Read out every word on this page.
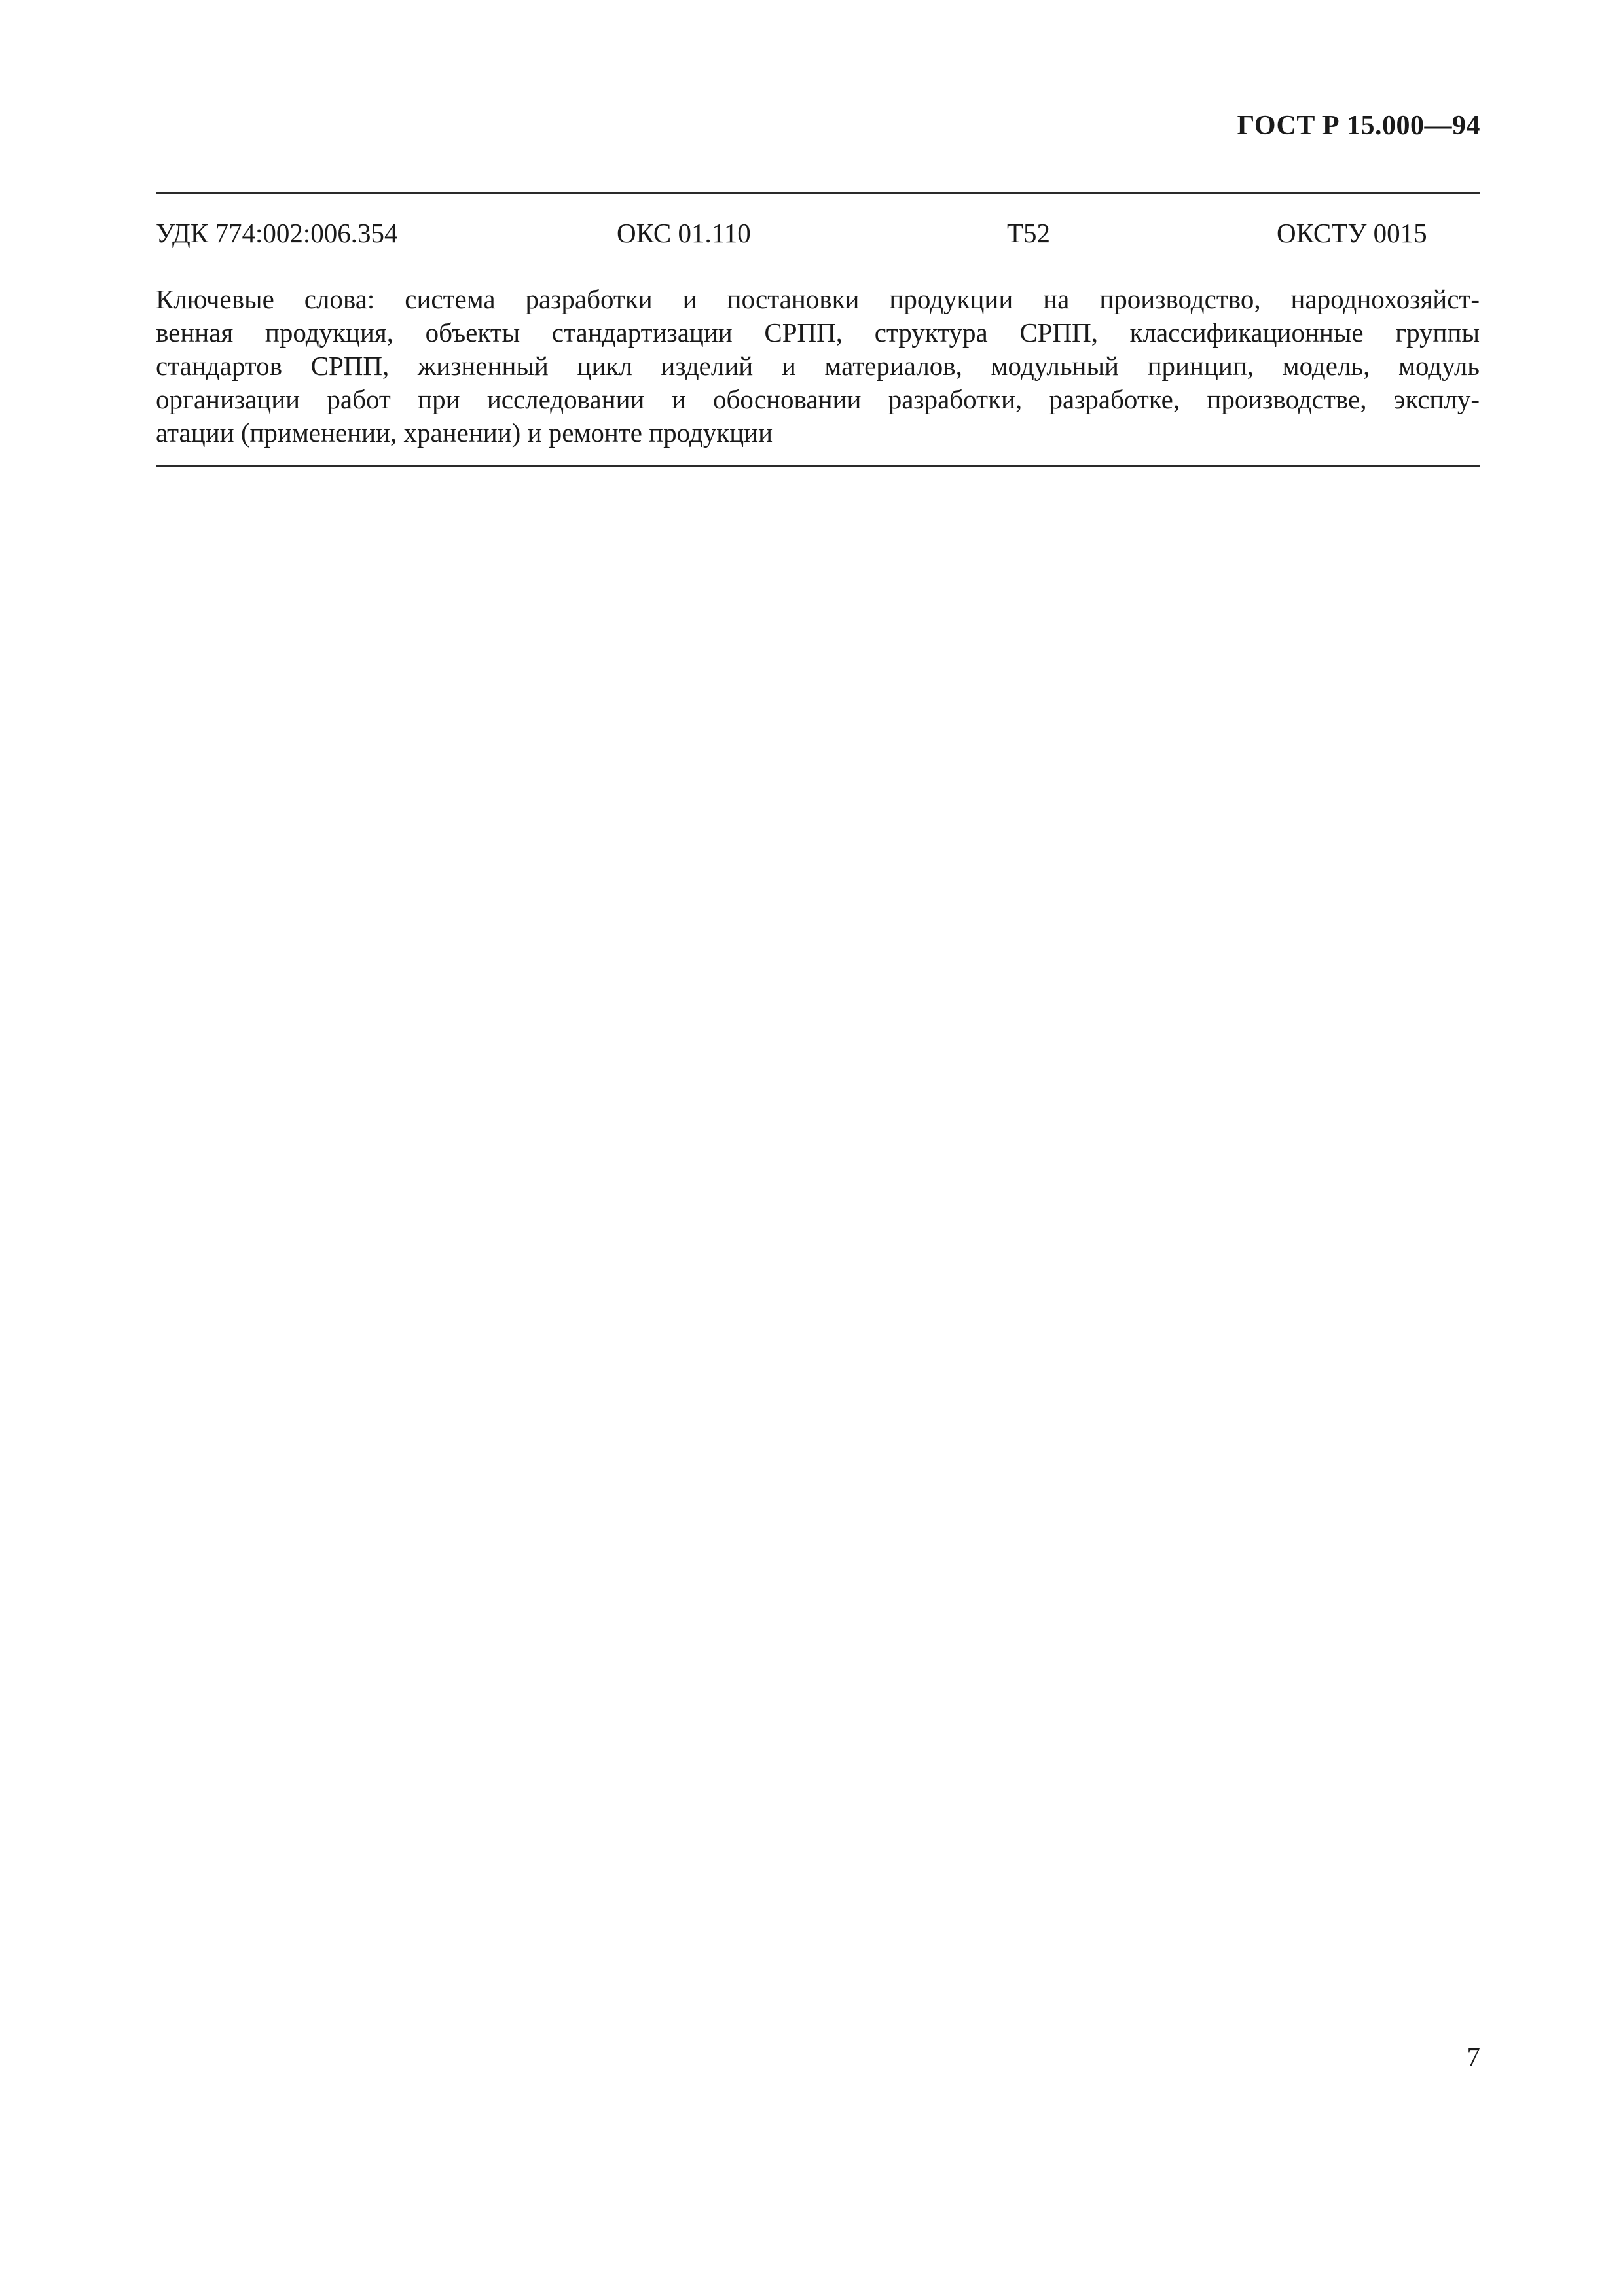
ГОСТ Р 15.000—94
УДК 774:002:006.354	ОКС 01.110	Т52	ОКСТУ 0015
Ключевые слова: система разработки и постановки продукции на производство, народнохозяйст-
венная продукция, объекты стандартизации СРПП, структура СРПП, классификационные группы
стандартов СРПП, жизненный цикл изделий и материалов, модульный принцип, модель, модуль
организации работ при исследовании и обосновании разработки, разработке, производстве, эксплу-
атации (применении, хранении) и ремонте продукции
7
